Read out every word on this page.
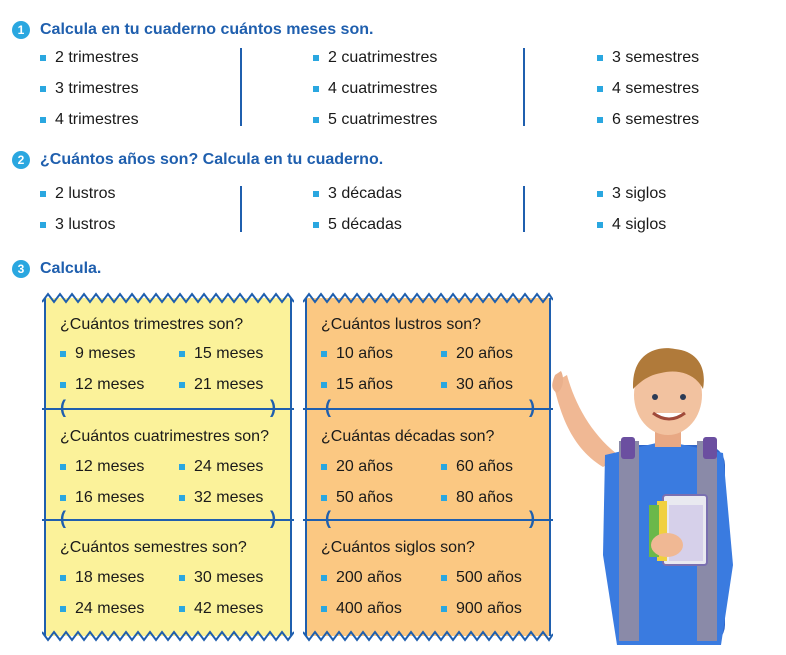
1 Calcula en tu cuaderno cuántos meses son.
2 trimestres
3 trimestres
4 trimestres
2 cuatrimestres
4 cuatrimestres
5 cuatrimestres
3 semestres
4 semestres
6 semestres
2 ¿Cuántos años son? Calcula en tu cuaderno.
2 lustros
3 lustros
3 décadas
5 décadas
3 siglos
4 siglos
3 Calcula.
(	)
(	)
¿Cuántos trimestres son?
9 meses	15 meses
12 meses	21 meses
¿Cuántos cuatrimestres son?
12 meses	24 meses
16 meses	32 meses
¿Cuántos semestres son?
18 meses	30 meses
24 meses	42 meses
(	)
(	)
¿Cuántos lustros son?
10 años	20 años
15 años	30 años
¿Cuántas décadas son?
20 años	60 años
50 años	80 años
¿Cuántos siglos son?
200 años	500 años
400 años	900 años
